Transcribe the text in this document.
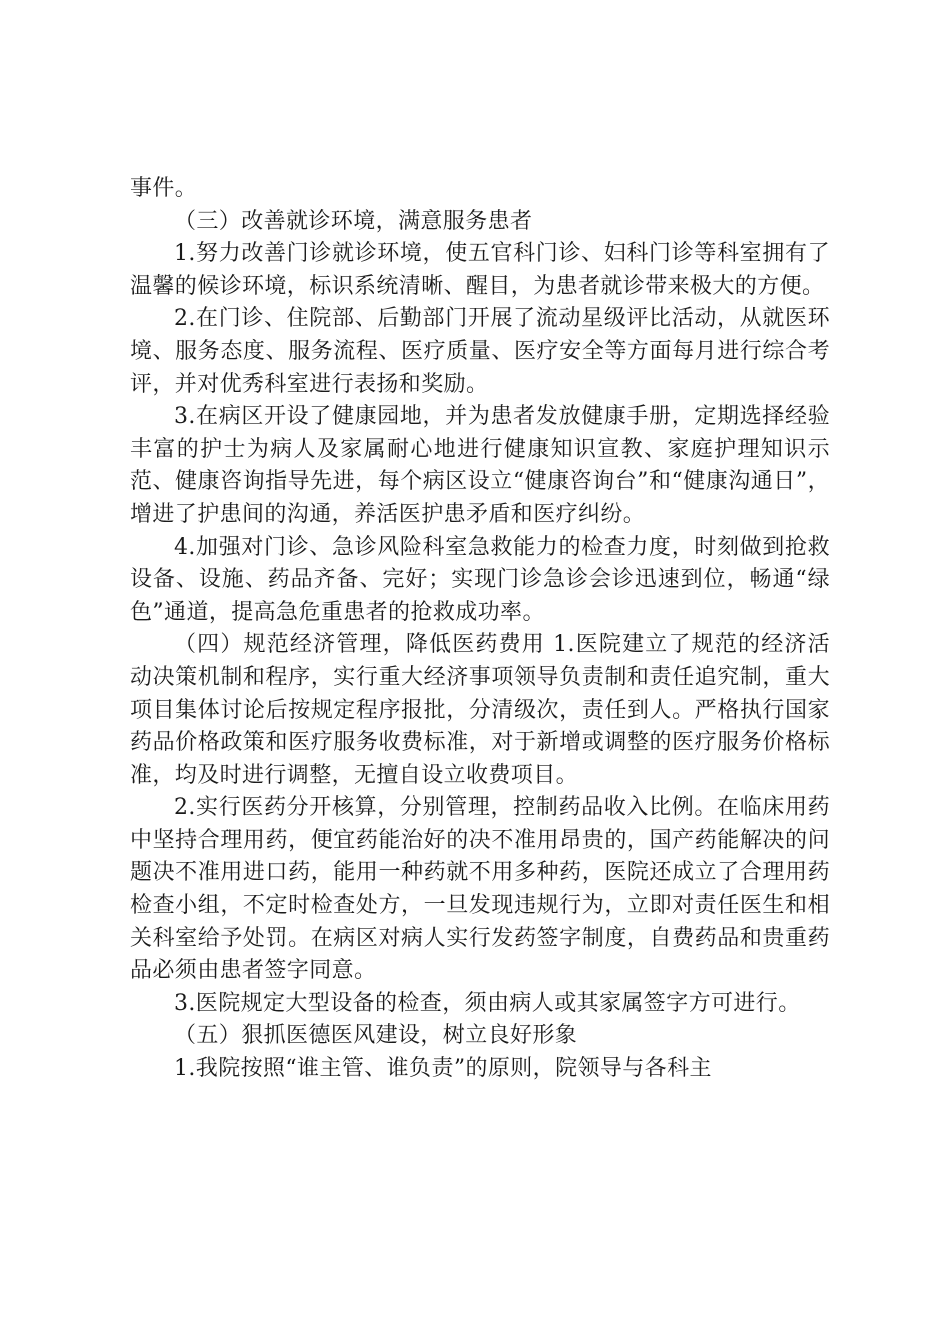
事件。

（三）改善就诊环境，满意服务患者

1.努力改善门诊就诊环境，使五官科门诊、妇科门诊等科室拥有了温馨的候诊环境，标识系统清晰、醒目，为患者就诊带来极大的方便。

2.在门诊、住院部、后勤部门开展了流动星级评比活动，从就医环境、服务态度、服务流程、医疗质量、医疗安全等方面每月进行综合考评，并对优秀科室进行表扬和奖励。

3.在病区开设了健康园地，并为患者发放健康手册，定期选择经验丰富的护士为病人及家属耐心地进行健康知识宣教、家庭护理知识示范、健康咨询指导先进，每个病区设立“健康咨询台”和“健康沟通日”，增进了护患间的沟通，养活医护患矛盾和医疗纠纷。

4.加强对门诊、急诊风险科室急救能力的检查力度，时刻做到抢救设备、设施、药品齐备、完好；实现门诊急诊会诊迅速到位，畅通“绿色”通道，提高急危重患者的抢救成功率。

（四）规范经济管理，降低医药费用 1.医院建立了规范的经济活动决策机制和程序，实行重大经济事项领导负责制和责任追究制，重大项目集体讨论后按规定程序报批，分清级次，责任到人。严格执行国家药品价格政策和医疗服务收费标准，对于新增或调整的医疗服务价格标准，均及时进行调整，无擅自设立收费项目。

2.实行医药分开核算，分别管理，控制药品收入比例。在临床用药中坚持合理用药，便宜药能治好的决不准用昂贵的，国产药能解决的问题决不准用进口药，能用一种药就不用多种药，医院还成立了合理用药检查小组，不定时检查处方，一旦发现违规行为，立即对责任医生和相关科室给予处罚。在病区对病人实行发药签字制度，自费药品和贵重药品必须由患者签字同意。

3.医院规定大型设备的检查，须由病人或其家属签字方可进行。

（五）狠抓医德医风建设，树立良好形象

1.我院按照“谁主管、谁负责”的原则，院领导与各科主
